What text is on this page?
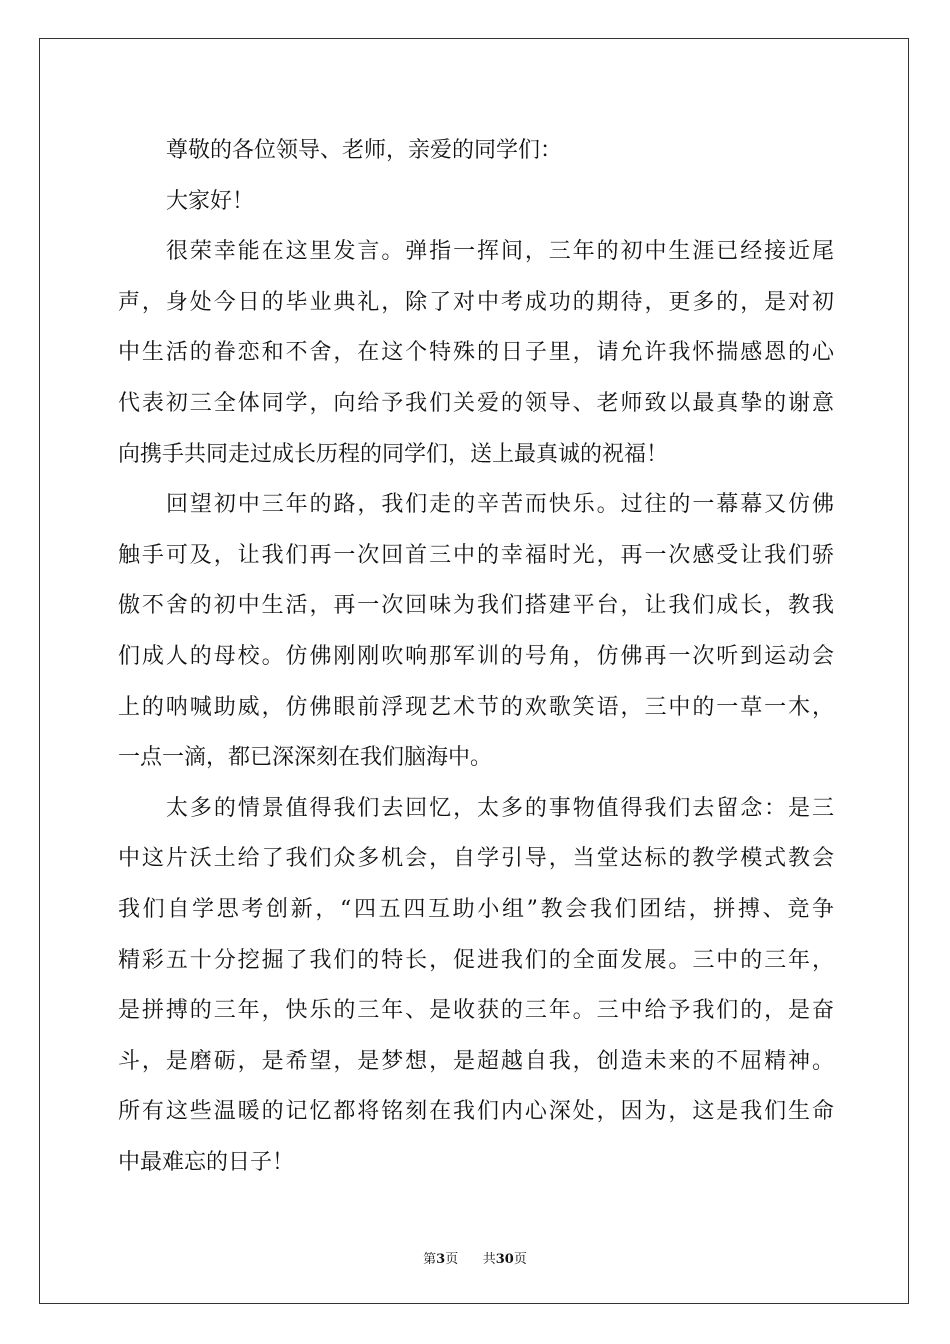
尊敬的各位领导、老师，亲爱的同学们：
大家好！
很荣幸能在这里发言。弹指一挥间，三年的初中生涯已经接近尾
声，身处今日的毕业典礼，除了对中考成功的期待，更多的，是对初
中生活的眷恋和不舍，在这个特殊的日子里，请允许我怀揣感恩的心
代表初三全体同学，向给予我们关爱的领导、老师致以最真挚的谢意
向携手共同走过成长历程的同学们，送上最真诚的祝福！
回望初中三年的路，我们走的辛苦而快乐。过往的一幕幕又仿佛
触手可及，让我们再一次回首三中的幸福时光，再一次感受让我们骄
傲不舍的初中生活，再一次回味为我们搭建平台，让我们成长，教我
们成人的母校。仿佛刚刚吹响那军训的号角，仿佛再一次听到运动会
上的呐喊助威，仿佛眼前浮现艺术节的欢歌笑语，三中的一草一木，
一点一滴，都已深深刻在我们脑海中。
太多的情景值得我们去回忆，太多的事物值得我们去留念：是三
中这片沃土给了我们众多机会，自学引导，当堂达标的教学模式教会
我们自学思考创新，“四五四互助小组”教会我们团结，拼搏、竞争
精彩五十分挖掘了我们的特长，促进我们的全面发展。三中的三年，
是拼搏的三年，快乐的三年、是收获的三年。三中给予我们的，是奋
斗，是磨砺，是希望，是梦想，是超越自我，创造未来的不屈精神。
所有这些温暖的记忆都将铭刻在我们内心深处，因为，这是我们生命
中最难忘的日子！
第3页 共30页
